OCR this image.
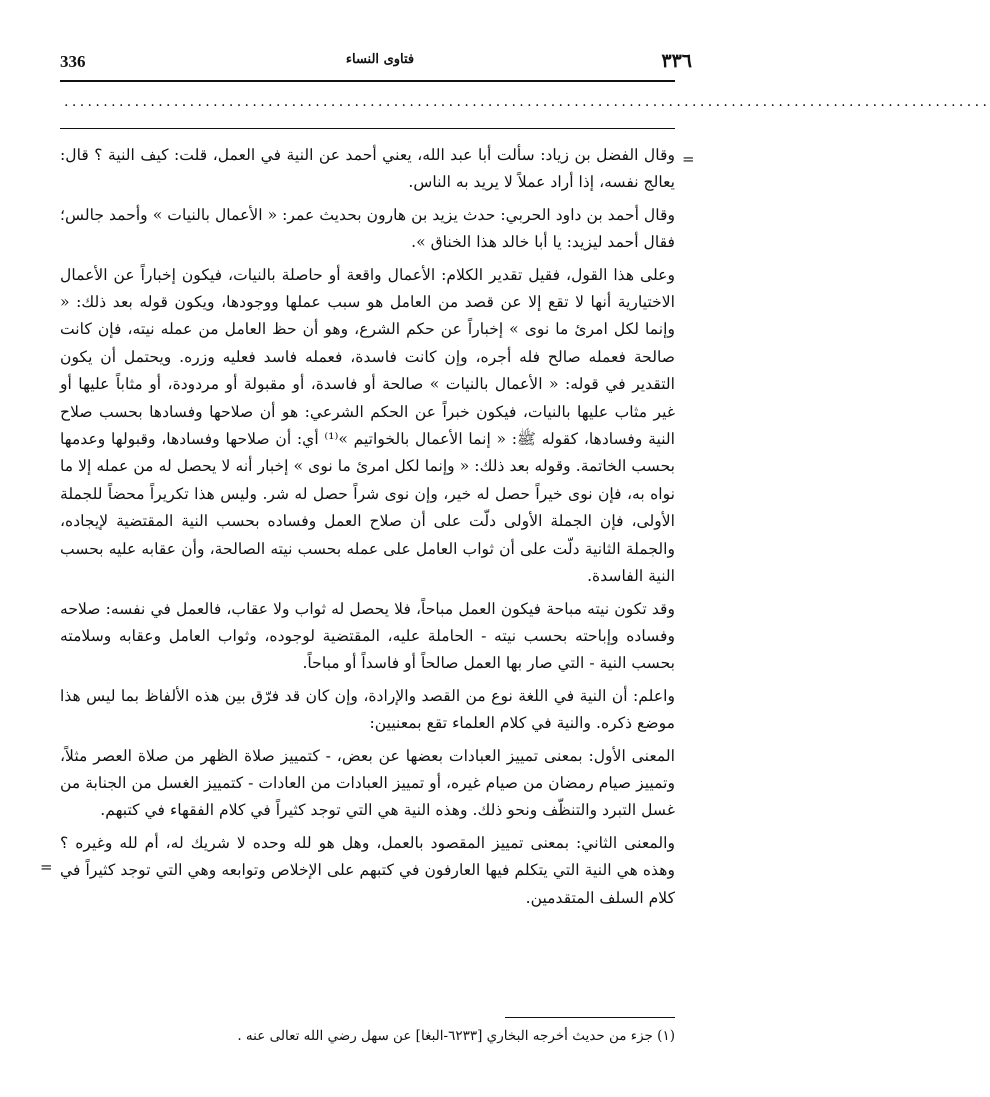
٣٣٦
فتاوى النساء
336
......................................................................................................................
=
=

وقال الفضل بن زياد: سألت أبا عبد الله، يعني أحمد عن النية في العمل، قلت: كيف النية ؟ قال: يعالج نفسه، إذا أراد عملاً لا يريد به الناس.

وقال أحمد بن داود الحربي: حدث يزيد بن هارون بحديث عمر: « الأعمال بالنيات » وأحمد جالس؛ فقال أحمد ليزيد: يا أبا خالد هذا الخناق ».

وعلى هذا القول، فقيل تقدير الكلام: الأعمال واقعة أو حاصلة بالنيات، فيكون إخباراً عن الأعمال الاختيارية أنها لا تقع إلا عن قصد من العامل هو سبب عملها ووجودها، ويكون قوله بعد ذلك: « وإنما لكل امرئ ما نوى » إخباراً عن حكم الشرع، وهو أن حظ العامل من عمله نيته، فإن كانت صالحة فعمله صالح فله أجره، وإن كانت فاسدة، فعمله فاسد فعليه وزره. ويحتمل أن يكون التقدير في قوله: « الأعمال بالنيات » صالحة أو فاسدة، أو مقبولة أو مردودة، أو مثاباً عليها أو غير مثاب عليها بالنيات، فيكون خبراً عن الحكم الشرعي: هو أن صلاحها وفسادها بحسب صلاح النية وفسادها، كقوله ﷺ: « إنما الأعمال بالخواتيم »⁽¹⁾ أي: أن صلاحها وفسادها، وقبولها وعدمها بحسب الخاتمة. وقوله بعد ذلك: « وإنما لكل امرئ ما نوى » إخبار أنه لا يحصل له من عمله إلا ما نواه به، فإن نوى خيراً حصل له خير، وإن نوى شراً حصل له شر. وليس هذا تكريراً محضاً للجملة الأولى، فإن الجملة الأولى دلّت على أن صلاح العمل وفساده بحسب النية المقتضية لإيجاده، والجملة الثانية دلّت على أن ثواب العامل على عمله بحسب نيته الصالحة، وأن عقابه عليه بحسب النية الفاسدة.

وقد تكون نيته مباحة فيكون العمل مباحاً، فلا يحصل له ثواب ولا عقاب، فالعمل في نفسه: صلاحه وفساده وإباحته بحسب نيته - الحاملة عليه، المقتضية لوجوده، وثواب العامل وعقابه وسلامته بحسب النية - التي صار بها العمل صالحاً أو فاسداً أو مباحاً.

واعلم: أن النية في اللغة نوع من القصد والإرادة، وإن كان قد فرّق بين هذه الألفاظ بما ليس هذا موضع ذكره. والنية في كلام العلماء تقع بمعنيين:

المعنى الأول: بمعنى تمييز العبادات بعضها عن بعض، - كتمييز صلاة الظهر من صلاة العصر مثلاً، وتمييز صيام رمضان من صيام غيره، أو تمييز العبادات من العادات - كتمييز الغسل من الجنابة من غسل التبرد والتنظّف ونحو ذلك. وهذه النية هي التي توجد كثيراً في كلام الفقهاء في كتبهم.

والمعنى الثاني: بمعنى تمييز المقصود بالعمل، وهل هو لله وحده لا شريك له، أم لله وغيره ؟ وهذه هي النية التي يتكلم فيها العارفون في كتبهم على الإخلاص وتوابعه وهي التي توجد كثيراً في كلام السلف المتقدمين.

(١) جزء من حديث أخرجه البخاري [٦٢٣٣-البغا] عن سهل رضي الله تعالى عنه .
